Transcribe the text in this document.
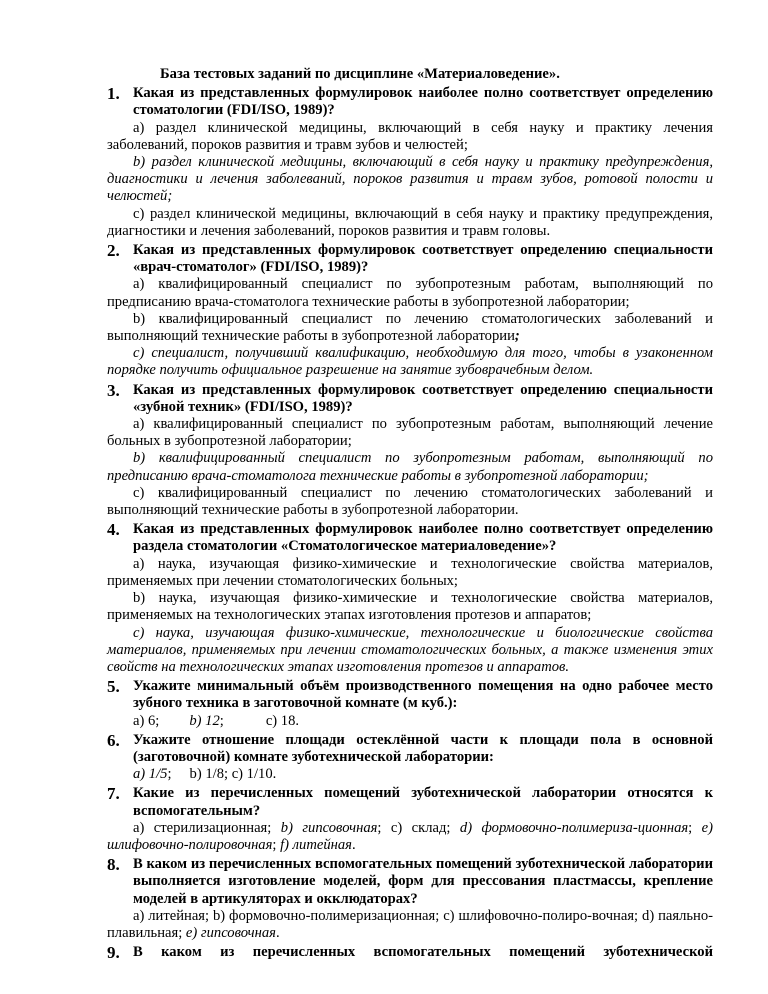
База тестовых заданий по дисциплине «Материаловедение».
1. Какая из представленных формулировок наиболее полно соответствует определению стоматологии (FDI/ISO, 1989)?

а) раздел клинической медицины, включающий в себя науку и практику лечения заболеваний, пороков развития и травм зубов и челюстей;

b) раздел клинической медицины, включающий в себя науку и практику предупреждения, диагностики и лечения заболеваний, пороков развития и травм зубов, ротовой полости и челюстей;

с) раздел клинической медицины, включающий в себя науку и практику предупреждения, диагностики и лечения заболеваний, пороков развития и травм головы.

2. Какая из представленных формулировок соответствует определению специальности «врач-стоматолог» (FDI/ISO, 1989)?

а) квалифицированный специалист по зубопротезным работам, выполняющий по предписанию врача-стоматолога технические работы в зубопротезной лаборатории;

b) квалифицированный специалист по лечению стоматологических заболеваний и выполняющий технические работы в зубопротезной лаборатории;

с) специалист, получивший квалификацию, необходимую для того, чтобы в узаконенном порядке получить официальное разрешение на занятие зубоврачебным делом.

3. Какая из представленных формулировок соответствует определению специальности «зубной техник» (FDI/ISO, 1989)?

а) квалифицированный специалист по зубопротезным работам, выполняющий лечение больных в зубопротезной лаборатории;

b) квалифицированный специалист по зубопротезным работам, выполняющий по предписанию врача-стоматолога технические работы в зубопротезной лаборатории;

с) квалифицированный специалист по лечению стоматологических заболеваний и выполняющий технические работы в зубопротезной лаборатории.

4. Какая из представленных формулировок наиболее полно соответствует определению раздела стоматологии «Стоматологическое материаловедение»?

а) наука, изучающая физико-химические и технологические свойства материалов, применяемых при лечении стоматологических больных;

b) наука, изучающая физико-химические и технологические свойства материалов, применяемых на технологических этапах изготовления протезов и аппаратов;

с) наука, изучающая физико-химические, технологические и биологические свойства материалов, применяемых при лечении стоматологических больных, а также изменения этих свойств на технологических этапах изготовления протезов и аппаратов.

5. Укажите минимальный объём производственного помещения на одно рабочее место зубного техника в заготовочной комнате (м куб.):

а) 6; b) 12;	с) 18.

6. Укажите отношение площади остеклённой части к площади пола в основной (заготовочной) комнате зуботехнической лаборатории:

а) 1/5; b) 1/8; с) 1/10.

7. Какие из перечисленных помещений зуботехнической лаборатории относятся к вспомогательным?

а) стерилизационная; b) гипсовочная; с) склад; d) формовочно-полимериза-ционная; e) шлифовочно-полировочная; f) литейная.

8. В каком из перечисленных вспомогательных помещений зуботехнической лаборатории выполняется изготовление моделей, форм для прессования пластмассы, крепление моделей в артикуляторах и окклюдаторах?

а) литейная; b) формовочно-полимеризационная; с) шлифовочно-полиро-вочная; d) паяльно-плавильная; e) гипсовочная.

9. В каком из перечисленных вспомогательных помещений зуботехнической
